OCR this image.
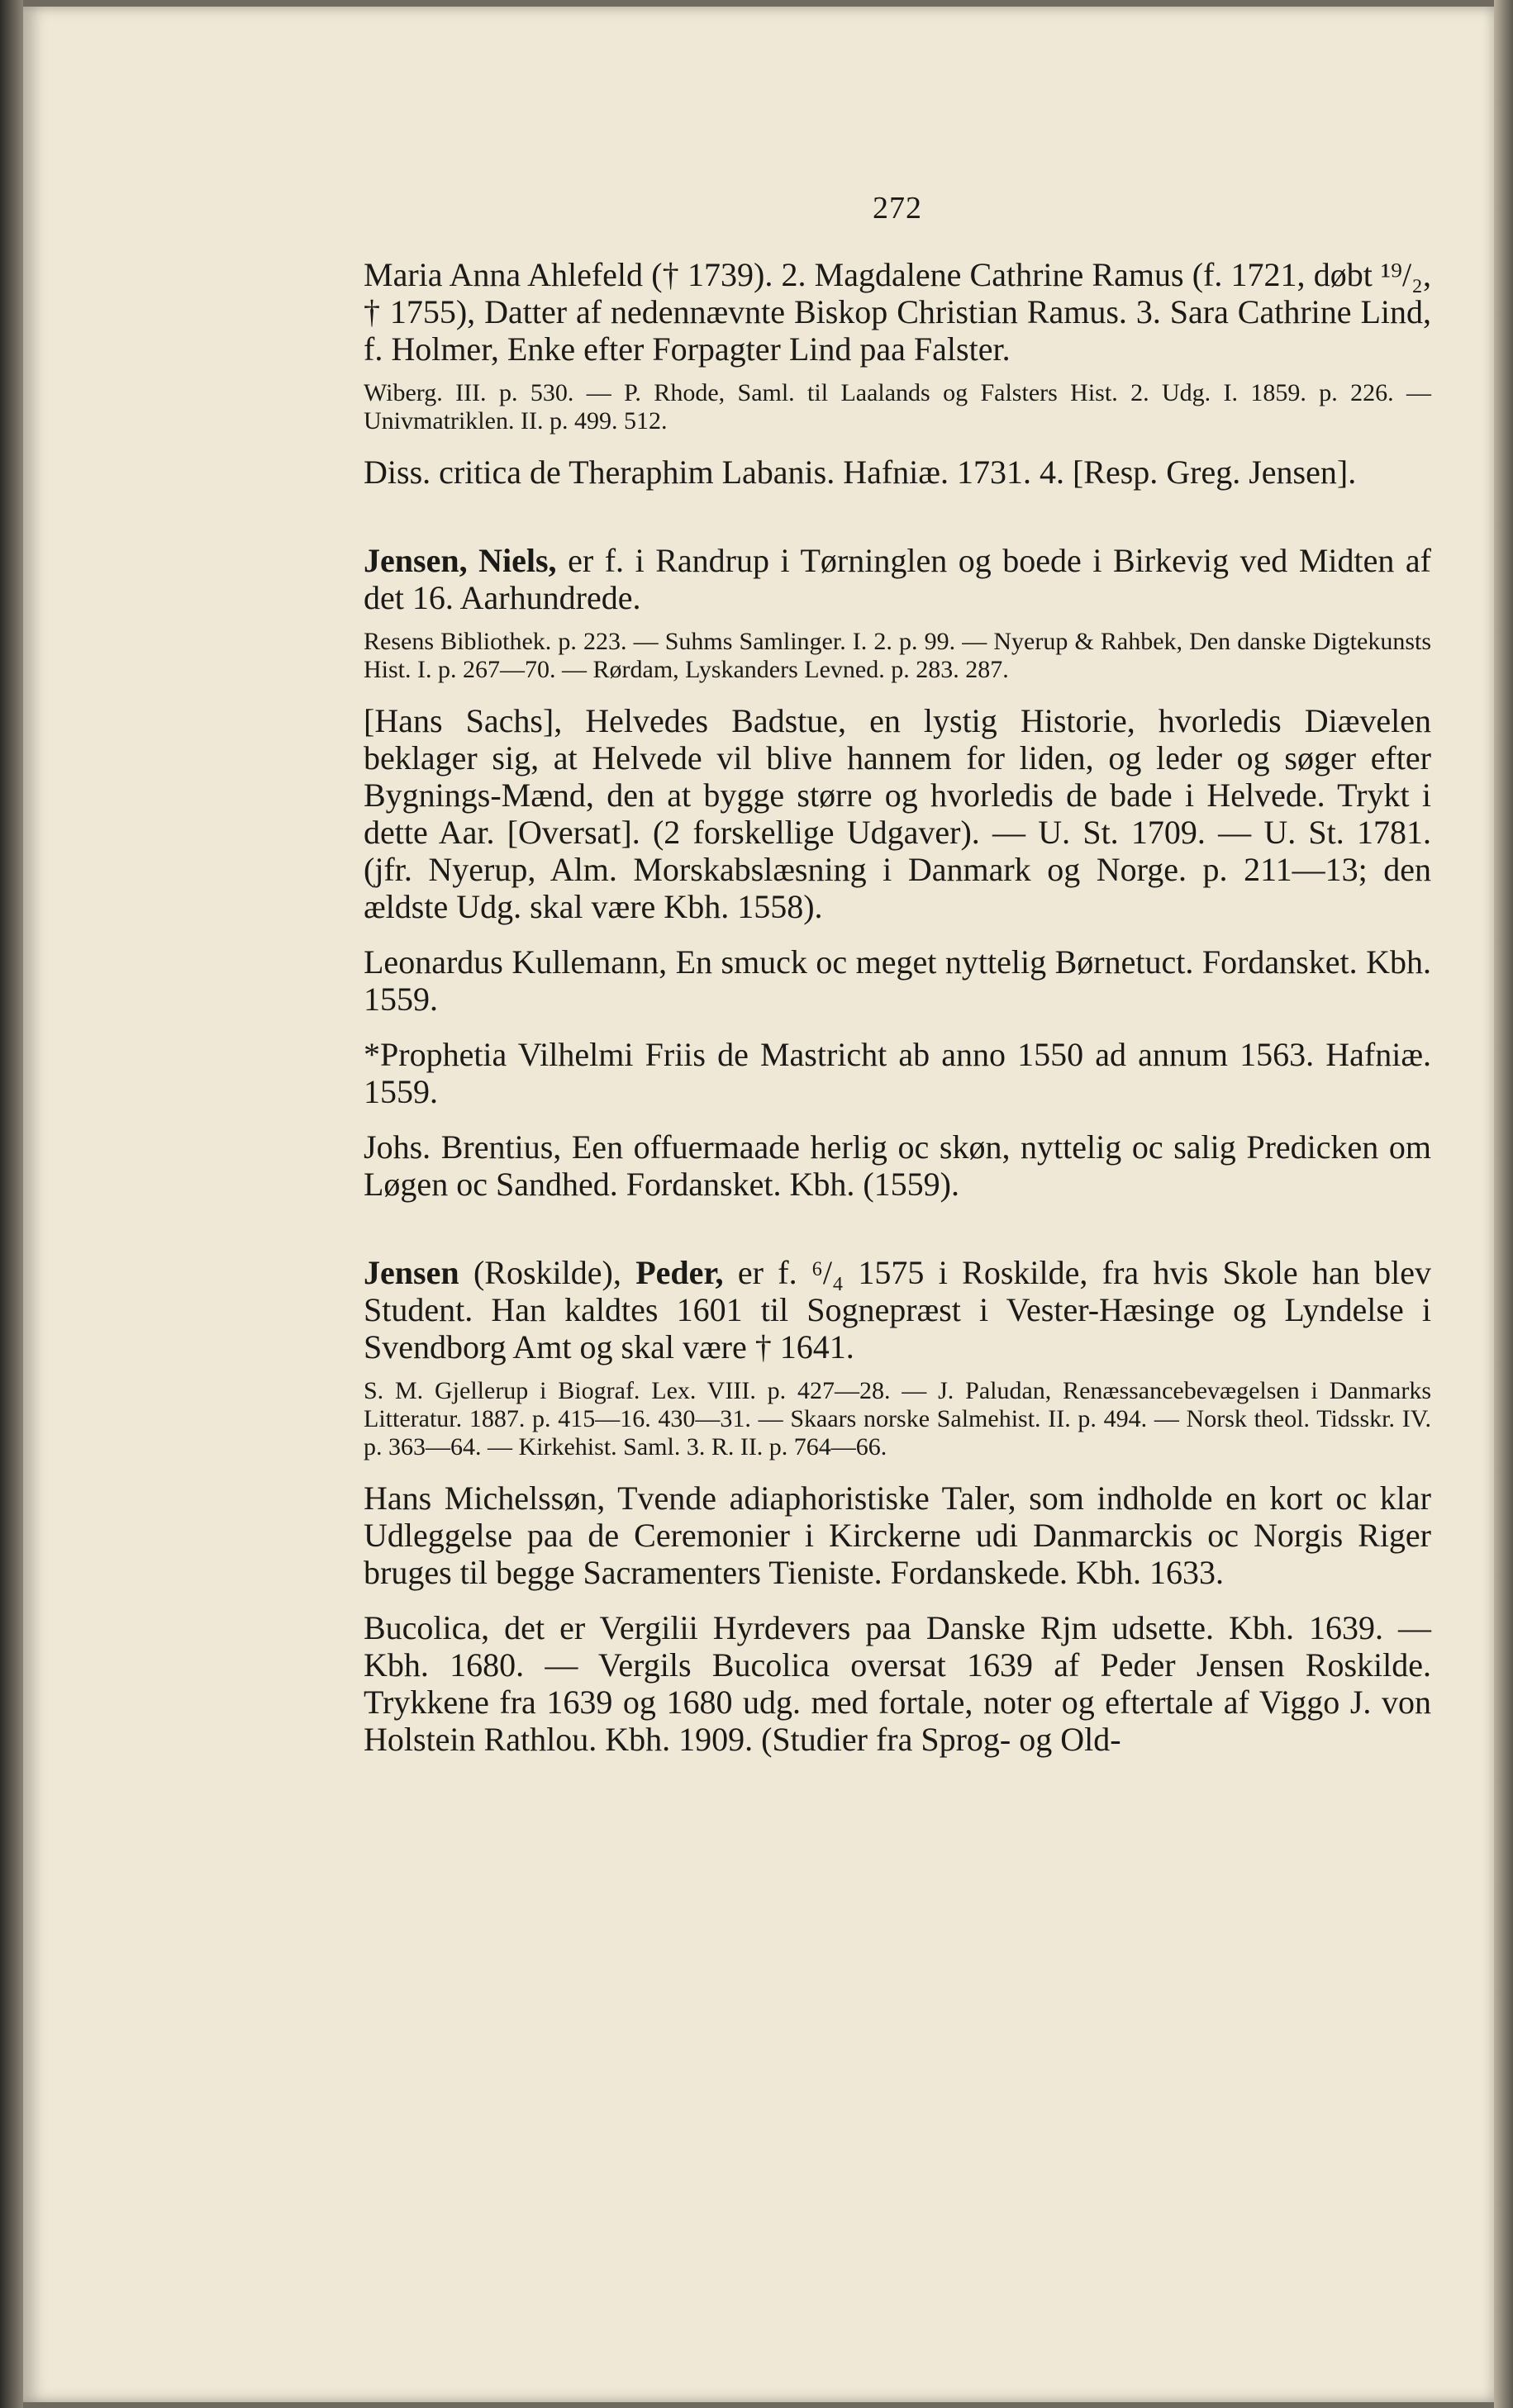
272

Maria Anna Ahlefeld († 1739). 2. Magdalene Cathrine Ramus (f. 1721, døbt ¹⁹/₂, † 1755), Datter af nedennævnte Biskop Christian Ramus. 3. Sara Cathrine Lind, f. Holmer, Enke efter Forpagter Lind paa Falster.

Wiberg. III. p. 530. — P. Rhode, Saml. til Laalands og Falsters Hist. 2. Udg. I. 1859. p. 226. — Univmatriklen. II. p. 499. 512.

Diss. critica de Theraphim Labanis. Hafniæ. 1731. 4. [Resp. Greg. Jensen].

Jensen, Niels, er f. i Randrup i Tørninglen og boede i Birkevig ved Midten af det 16. Aarhundrede.

Resens Bibliothek. p. 223. — Suhms Samlinger. I. 2. p. 99. — Nyerup & Rahbek, Den danske Digtekunsts Hist. I. p. 267—70. — Rørdam, Lyskanders Levned. p. 283. 287.

[Hans Sachs], Helvedes Badstue, en lystig Historie, hvorledis Diævelen beklager sig, at Helvede vil blive hannem for liden, og leder og søger efter Bygnings-Mænd, den at bygge større og hvorledis de bade i Helvede. Trykt i dette Aar. [Oversat]. (2 forskellige Udgaver). — U. St. 1709. — U. St. 1781. (jfr. Nyerup, Alm. Morskabslæsning i Danmark og Norge. p. 211—13; den ældste Udg. skal være Kbh. 1558).

Leonardus Kullemann, En smuck oc meget nyttelig Børnetuct. Fordansket. Kbh. 1559.

*Prophetia Vilhelmi Friis de Mastricht ab anno 1550 ad annum 1563. Hafniæ. 1559.

Johs. Brentius, Een offuermaade herlig oc skøn, nyttelig oc salig Predicken om Løgen oc Sandhed. Fordansket. Kbh. (1559).

Jensen (Roskilde), Peder, er f. ⁶/₄ 1575 i Roskilde, fra hvis Skole han blev Student. Han kaldtes 1601 til Sognepræst i Vester-Hæsinge og Lyndelse i Svendborg Amt og skal være † 1641.

S. M. Gjellerup i Biograf. Lex. VIII. p. 427—28. — J. Paludan, Renæssancebevægelsen i Danmarks Litteratur. 1887. p. 415—16. 430—31. — Skaars norske Salmehist. II. p. 494. — Norsk theol. Tidsskr. IV. p. 363—64. — Kirkehist. Saml. 3. R. II. p. 764—66.

Hans Michelssøn, Tvende adiaphoristiske Taler, som indholde en kort oc klar Udleggelse paa de Ceremonier i Kirckerne udi Danmarckis oc Norgis Riger bruges til begge Sacramenters Tieniste. Fordanskede. Kbh. 1633.

Bucolica, det er Vergilii Hyrdevers paa Danske Rjm udsette. Kbh. 1639. — Kbh. 1680. — Vergils Bucolica oversat 1639 af Peder Jensen Roskilde. Trykkene fra 1639 og 1680 udg. med fortale, noter og eftertale af Viggo J. von Holstein Rathlou. Kbh. 1909. (Studier fra Sprog- og Old-
